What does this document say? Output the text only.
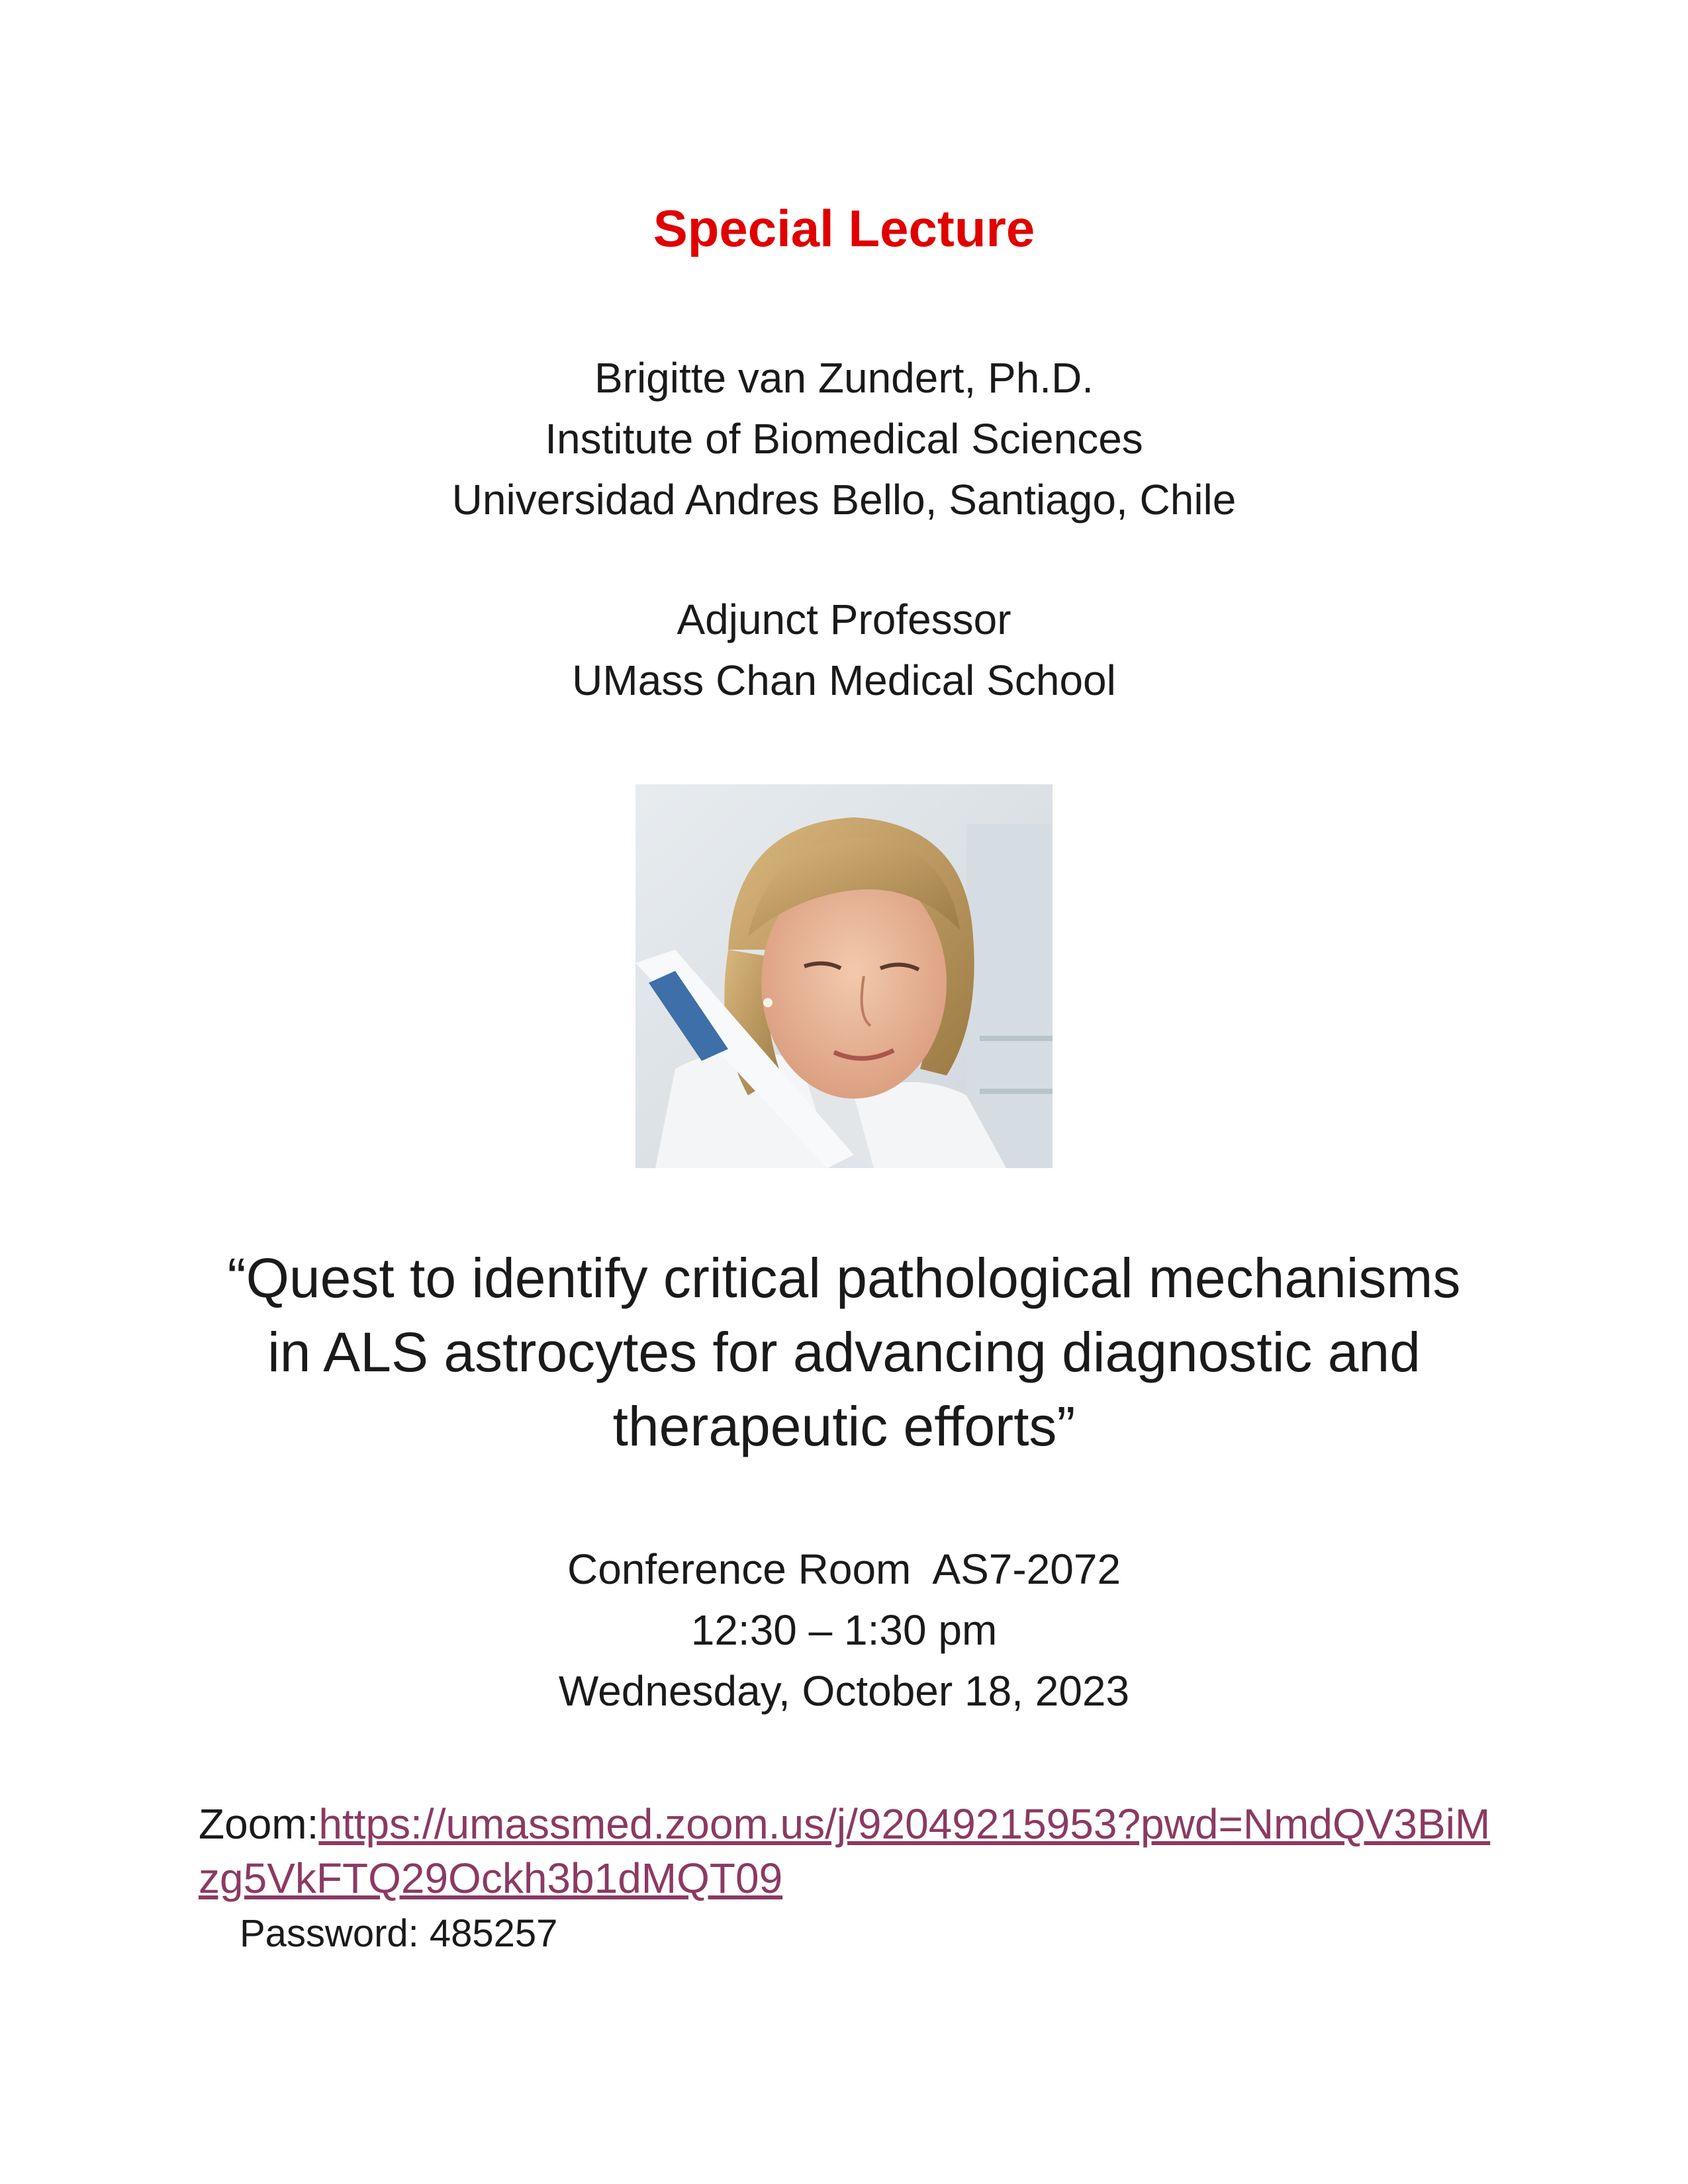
Special Lecture
Brigitte van Zundert, Ph.D.
Institute of Biomedical Sciences
Universidad Andres Bello, Santiago, Chile
Adjunct Professor
UMass Chan Medical School
“Quest to identify critical pathological mechanisms
in ALS astrocytes for advancing diagnostic and
therapeutic efforts”
Conference Room  AS7-2072
12:30 – 1:30 pm
Wednesday, October 18, 2023
Zoom:https://umassmed.zoom.us/j/92049215953?pwd=NmdQV3BiMzg5VkFTQ29Ockh3b1dMQT09
Password: 485257
